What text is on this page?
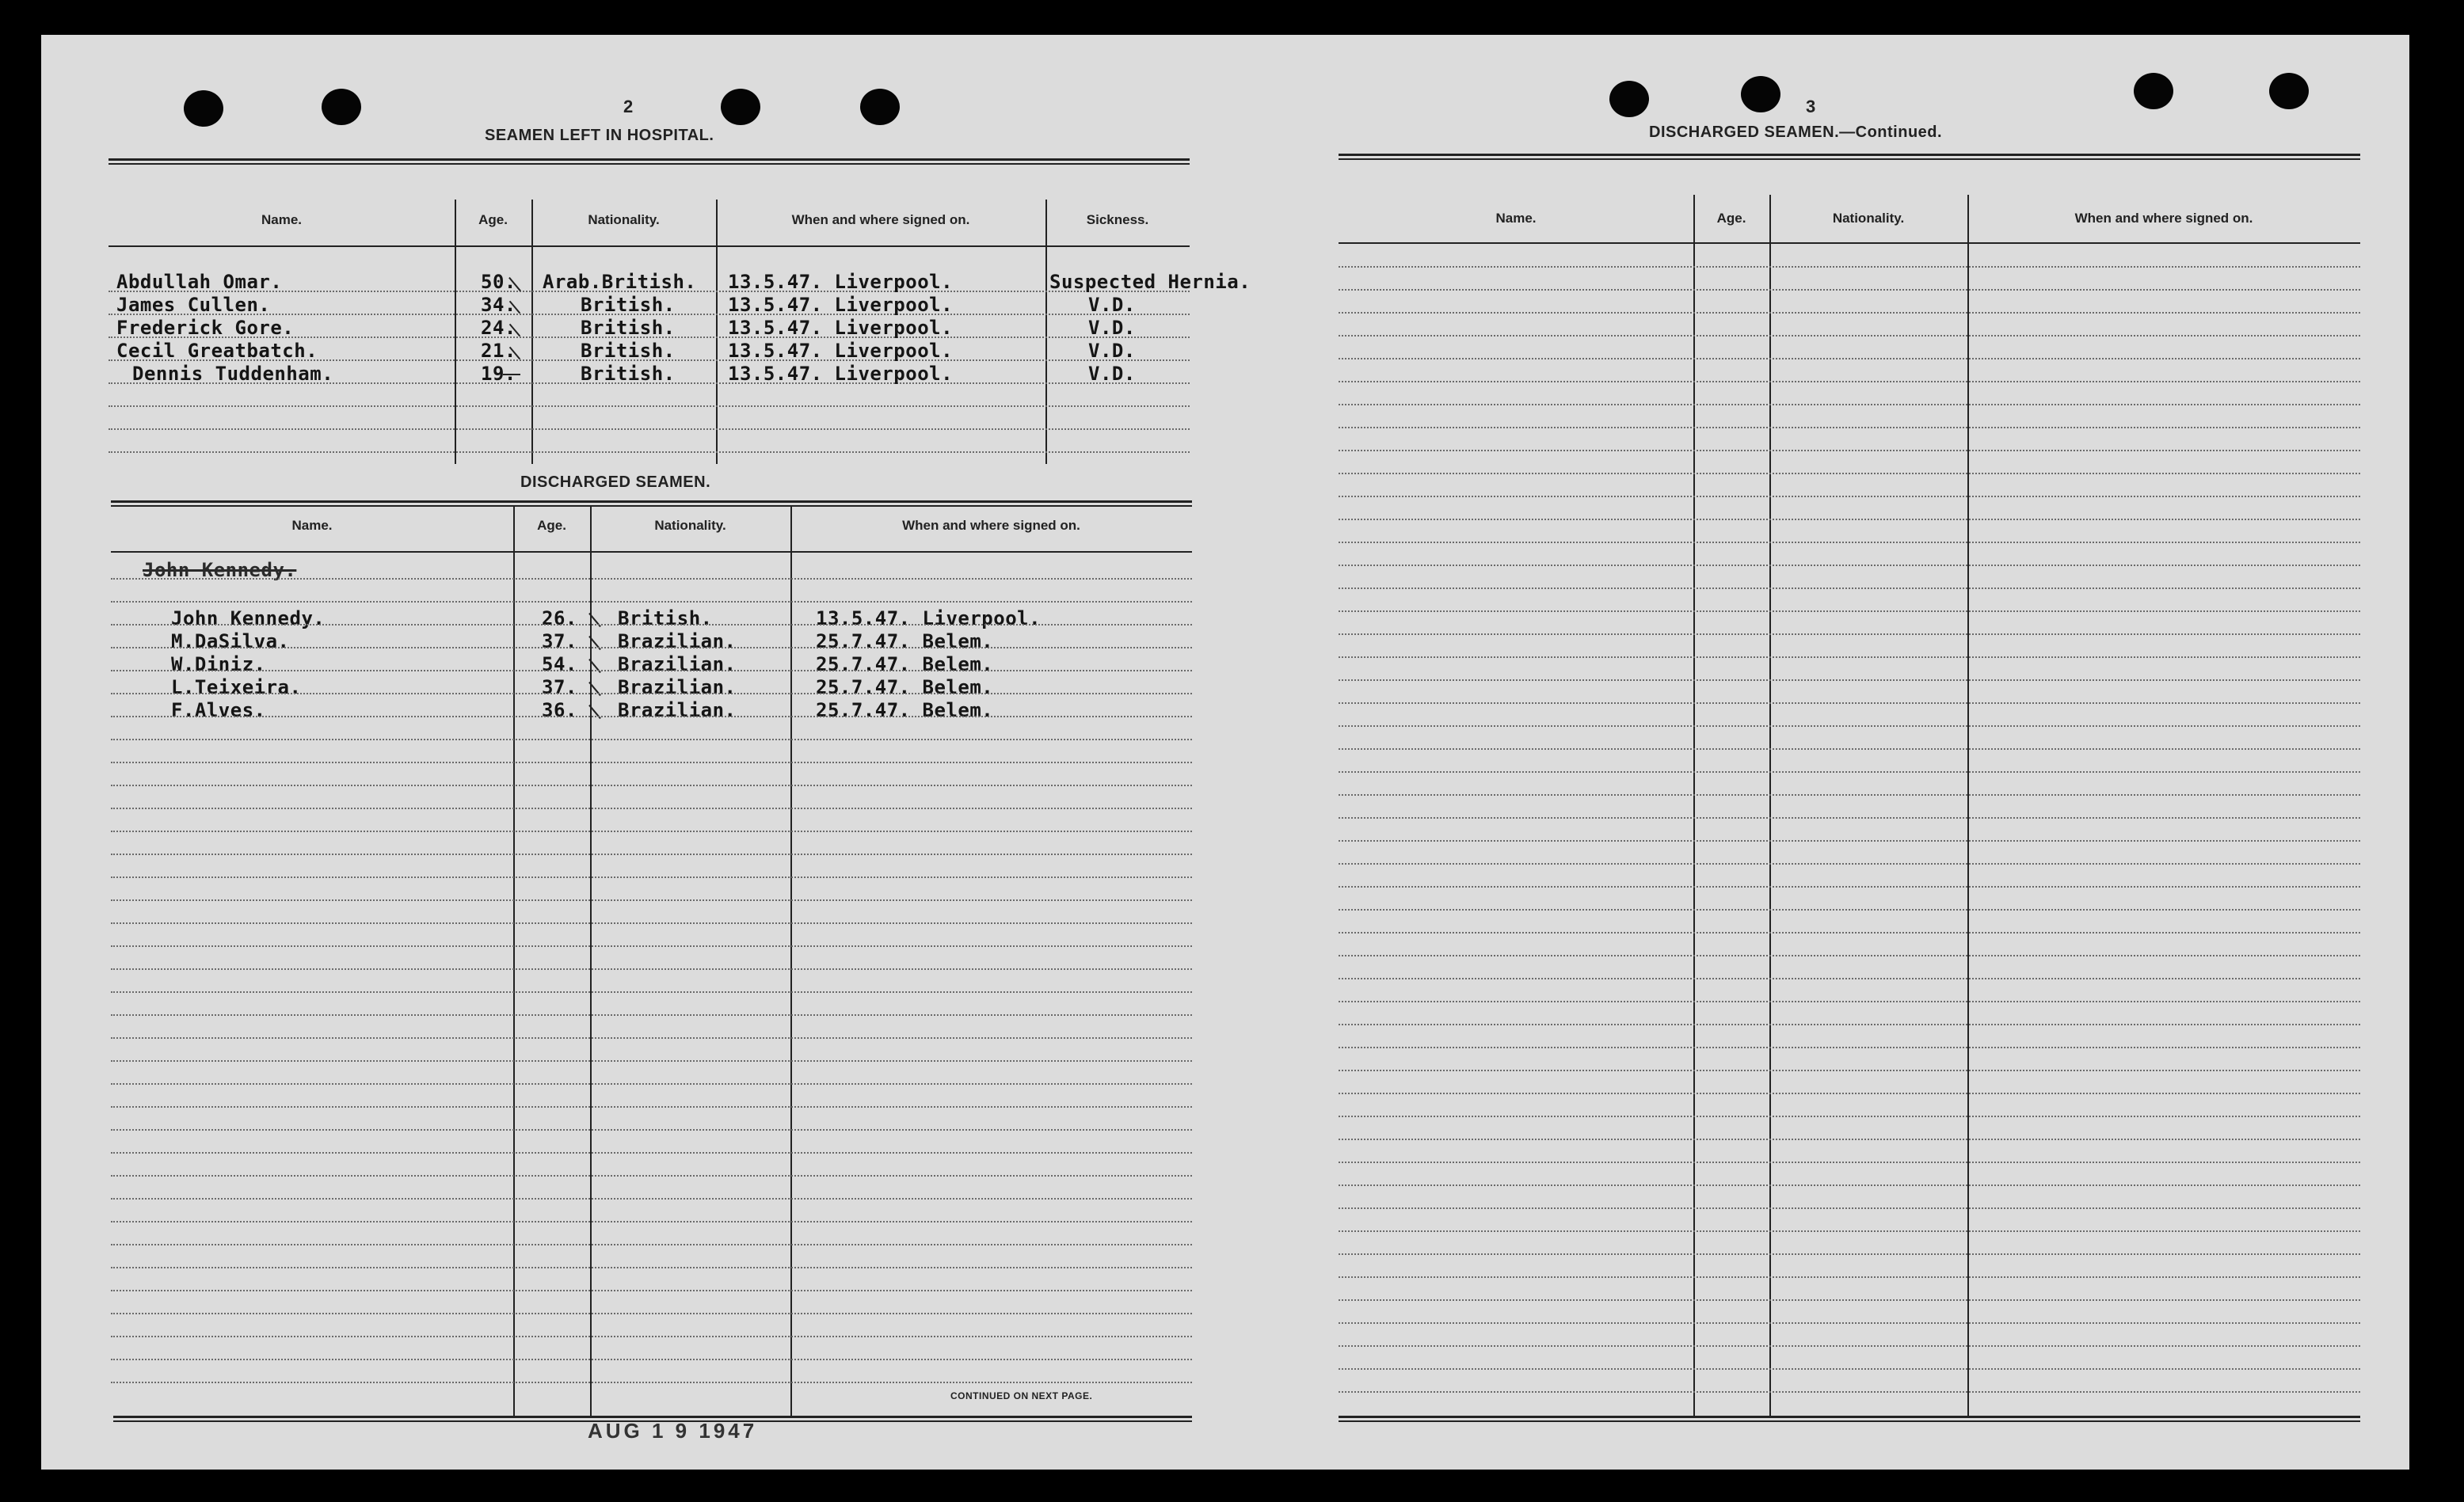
2
SEAMEN LEFT IN HOSPITAL.
Name.	Age.	Nationality.	When and where signed on.	Sickness.
Abdullah Omar.	50. Arab.British. 13.5.47. Liverpool.	Suspected Hernia.
James Cullen.	34.	British.	13.5.47. Liverpool.	V.D.
Frederick Gore.	24.	British.	13.5.47. Liverpool.	V.D.
Cecil Greatbatch.	21.	British.	13.5.47. Liverpool.	V.D.
Dennis Tuddenham.	19.	British.	13.5.47. Liverpool.	V.D.
DISCHARGED SEAMEN.
Name.	Age.	Nationality.	When and where signed on.
John Kennedy.
John Kennedy.	26. British.	13.5.47. Liverpool.
M.DaSilva.	37. Brazilian.	25.7.47. Belem.
W.Diniz.	54. Brazilian.	25.7.47. Belem.
L.Teixeira.	37. Brazilian.	25.7.47. Belem.
F.Alves.	36. Brazilian.	25.7.47. Belem.
CONTINUED ON NEXT PAGE.
AUG 1 9 1947
3
DISCHARGED SEAMEN.—Continued.
Name.	Age.	Nationality.	When and where signed on.
